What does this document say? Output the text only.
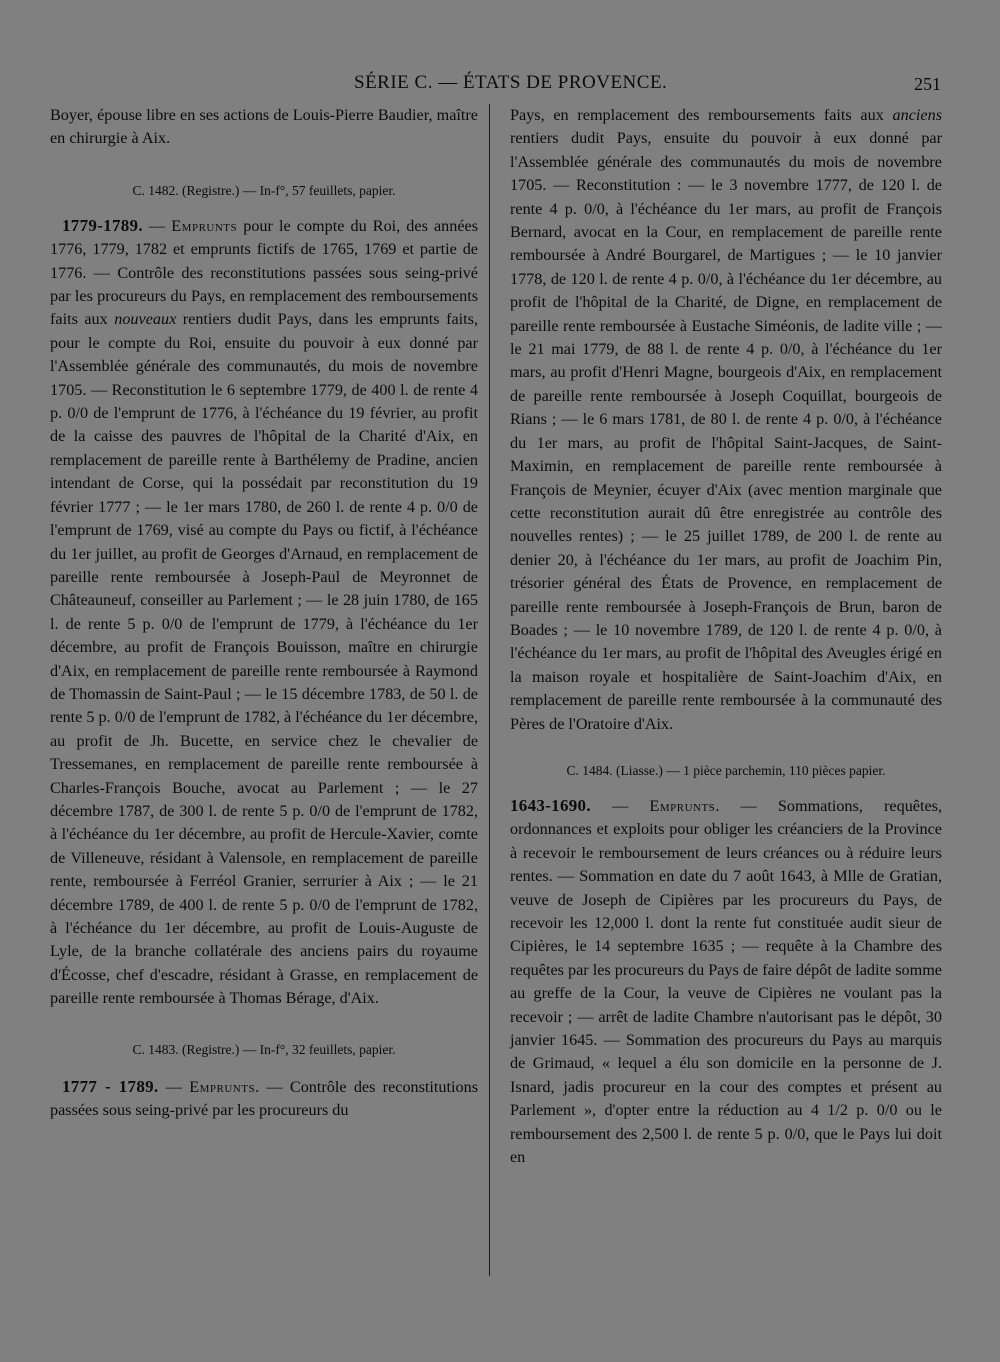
SÉRIE C. — ÉTATS DE PROVENCE.	251

Boyer, épouse libre en ses actions de Louis-Pierre Baudier, maître en chirurgie à Aix.

C. 1482. (Registre.) — In-f°, 57 feuillets, papier.

1779-1789. — Emprunts pour le compte du Roi, des années 1776, 1779, 1782 et emprunts fictifs de 1765, 1769 et partie de 1776. — Contrôle des reconstitutions passées sous seing-privé par les procureurs du Pays, en remplacement des remboursements faits aux nouveaux rentiers dudit Pays, dans les emprunts faits, pour le compte du Roi, ensuite du pouvoir à eux donné par l'Assemblée générale des communautés, du mois de novembre 1705. — Reconstitution le 6 septembre 1779, de 400 l. de rente 4 p. 0/0 de l'emprunt de 1776, à l'échéance du 19 février, au profit de la caisse des pauvres de l'hôpital de la Charité d'Aix, en remplacement de pareille rente à Barthélemy de Pradine, ancien intendant de Corse, qui la possédait par reconstitution du 19 février 1777 ; — le 1er mars 1780, de 260 l. de rente 4 p. 0/0 de l'emprunt de 1769, visé au compte du Pays ou fictif, à l'échéance du 1er juillet, au profit de Georges d'Arnaud, en remplacement de pareille rente remboursée à Joseph-Paul de Meyronnet de Châteauneuf, conseiller au Parlement ; — le 28 juin 1780, de 165 l. de rente 5 p. 0/0 de l'emprunt de 1779, à l'échéance du 1er décembre, au profit de François Bouisson, maître en chirurgie d'Aix, en remplacement de pareille rente remboursée à Raymond de Thomassin de Saint-Paul ; — le 15 décembre 1783, de 50 l. de rente 5 p. 0/0 de l'emprunt de 1782, à l'échéance du 1er décembre, au profit de Jh. Bucette, en service chez le chevalier de Tressemanes, en remplacement de pareille rente remboursée à Charles-François Bouche, avocat au Parlement ; — le 27 décembre 1787, de 300 l. de rente 5 p. 0/0 de l'emprunt de 1782, à l'échéance du 1er décembre, au profit de Hercule-Xavier, comte de Villeneuve, résidant à Valensole, en remplacement de pareille rente, remboursée à Ferréol Granier, serrurier à Aix ; — le 21 décembre 1789, de 400 l. de rente 5 p. 0/0 de l'emprunt de 1782, à l'échéance du 1er décembre, au profit de Louis-Auguste de Lyle, de la branche collatérale des anciens pairs du royaume d'Écosse, chef d'escadre, résidant à Grasse, en remplacement de pareille rente remboursée à Thomas Bérage, d'Aix.

C. 1483. (Registre.) — In-f°, 32 feuillets, papier.

1777 - 1789. — Emprunts. — Contrôle des reconstitutions passées sous seing-privé par les procureurs du

Pays, en remplacement des remboursements faits aux anciens rentiers dudit Pays, ensuite du pouvoir à eux donné par l'Assemblée générale des communautés du mois de novembre 1705. — Reconstitution : — le 3 novembre 1777, de 120 l. de rente 4 p. 0/0, à l'échéance du 1er mars, au profit de François Bernard, avocat en la Cour, en remplacement de pareille rente remboursée à André Bourgarel, de Martigues ; — le 10 janvier 1778, de 120 l. de rente 4 p. 0/0, à l'échéance du 1er décembre, au profit de l'hôpital de la Charité, de Digne, en remplacement de pareille rente remboursée à Eustache Siméonis, de ladite ville ; — le 21 mai 1779, de 88 l. de rente 4 p. 0/0, à l'échéance du 1er mars, au profit d'Henri Magne, bourgeois d'Aix, en remplacement de pareille rente remboursée à Joseph Coquillat, bourgeois de Rians ; — le 6 mars 1781, de 80 l. de rente 4 p. 0/0, à l'échéance du 1er mars, au profit de l'hôpital Saint-Jacques, de Saint-Maximin, en remplacement de pareille rente remboursée à François de Meynier, écuyer d'Aix (avec mention marginale que cette reconstitution aurait dû être enregistrée au contrôle des nouvelles rentes) ; — le 25 juillet 1789, de 200 l. de rente au denier 20, à l'échéance du 1er mars, au profit de Joachim Pin, trésorier général des États de Provence, en remplacement de pareille rente remboursée à Joseph-François de Brun, baron de Boades ; — le 10 novembre 1789, de 120 l. de rente 4 p. 0/0, à l'échéance du 1er mars, au profit de l'hôpital des Aveugles érigé en la maison royale et hospitalière de Saint-Joachim d'Aix, en remplacement de pareille rente remboursée à la communauté des Pères de l'Oratoire d'Aix.

C. 1484. (Liasse.) — 1 pièce parchemin, 110 pièces papier.

1643-1690. — Emprunts. — Sommations, requêtes, ordonnances et exploits pour obliger les créanciers de la Province à recevoir le remboursement de leurs créances ou à réduire leurs rentes. — Sommation en date du 7 août 1643, à Mlle de Gratian, veuve de Joseph de Cipières par les procureurs du Pays, de recevoir les 12,000 l. dont la rente fut constituée audit sieur de Cipières, le 14 septembre 1635 ; — requête à la Chambre des requêtes par les procureurs du Pays de faire dépôt de ladite somme au greffe de la Cour, la veuve de Cipières ne voulant pas la recevoir ; — arrêt de ladite Chambre n'autorisant pas le dépôt, 30 janvier 1645. — Sommation des procureurs du Pays au marquis de Grimaud, « lequel a élu son domicile en la personne de J. Isnard, jadis procureur en la cour des comptes et présent au Parlement », d'opter entre la réduction au 4 1/2 p. 0/0 ou le remboursement des 2,500 l. de rente 5 p. 0/0, que le Pays lui doit en
